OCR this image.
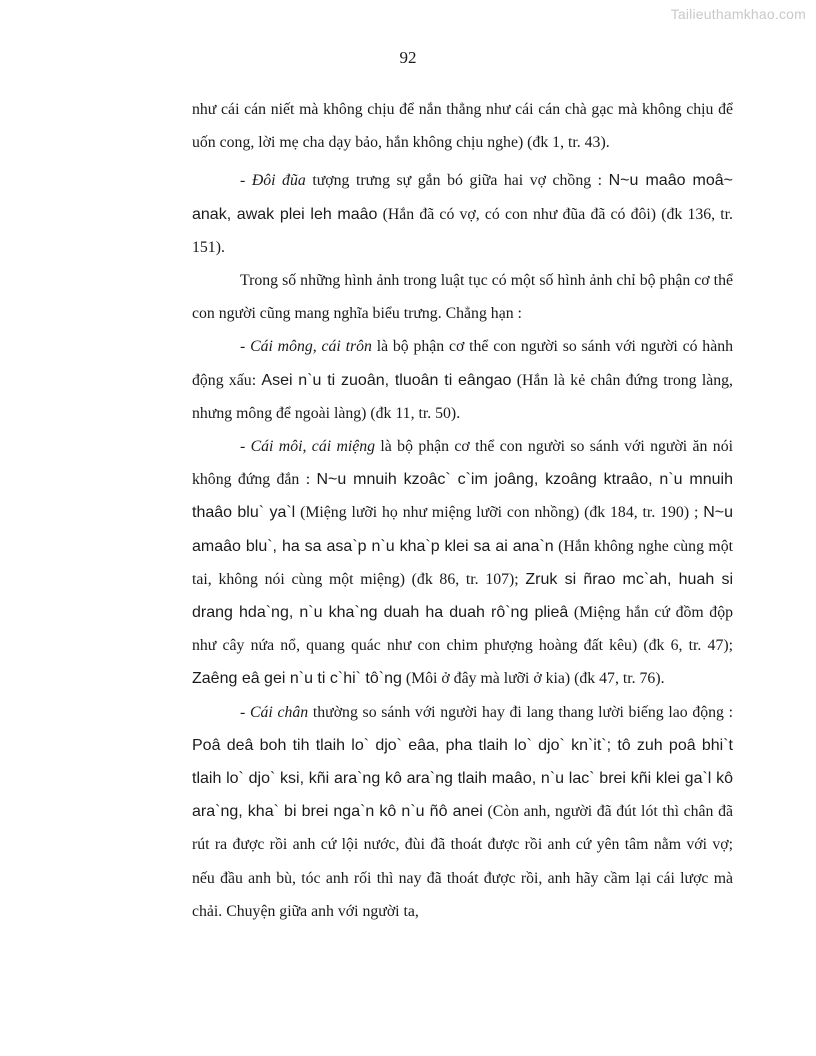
Tailieuthamkhao.com
92

như cái cán niết mà không chịu để nắn thẳng như cái cán chà gạc mà không chịu để uốn cong, lời mẹ cha dạy bảo, hắn không chịu nghe) (đk 1, tr. 43).

- Đôi đũa tượng trưng sự gắn bó giữa hai vợ chồng : N~u maâo moâ~ anak, awak plei leh maâo (Hắn đã có vợ, có con như đũa đã có đôi) (đk 136, tr. 151).

Trong số những hình ảnh trong luật tục có một số hình ảnh chỉ bộ phận cơ thể con người cũng mang nghĩa biểu trưng. Chẳng hạn :

- Cái mông, cái trôn là bộ phận cơ thể con người so sánh với người có hành động xấu: Asei n`u ti zuoân, tluoân ti eângao (Hắn là kẻ chân đứng trong làng, nhưng mông để ngoài làng) (đk 11, tr. 50).

- Cái môi, cái miệng là bộ phận cơ thể con người so sánh với người ăn nói không đứng đắn : N~u mnuih kzoâc` c`im joâng, kzoâng ktraâo, n`u mnuih thaâo blu` ya`l (Miệng lưỡi họ như miệng lưỡi con nhồng) (đk 184, tr. 190) ; N~u amaâo blu`, ha sa asa`p n`u kha`p klei sa ai ana`n (Hắn không nghe cùng một tai, không nói cùng một miệng) (đk 86, tr. 107); Zruk si ñrao mc`ah, huah si drang hda`ng, n`u kha`ng duah ha duah rô`ng plieâ (Miệng hắn cứ đồm độp như cây nứa nổ, quang quác như con chim phượng hoàng đất kêu) (đk 6, tr. 47); Zaêng eâ gei n`u ti c`hi` tô`ng (Môi ở đây mà lưỡi ở kia) (đk 47, tr. 76).

- Cái chân thường so sánh với người hay đi lang thang lười biếng lao động : Poâ deâ boh tih tlaih lo` djo` eâa, pha tlaih lo` djo` kn`it`; tô zuh poâ bhi`t tlaih lo` djo` ksi, kñi ara`ng kô ara`ng tlaih maâo, n`u lac` brei kñi klei ga`l kô ara`ng, kha` bi brei nga`n kô n`u ñô anei (Còn anh, người đã đút lót thì chân đã rút ra được rồi anh cứ lội nước, đùi đã thoát được rồi anh cứ yên tâm nằm với vợ; nếu đầu anh bù, tóc anh rối thì nay đã thoát được rồi, anh hãy cầm lại cái lược mà chải. Chuyện giữa anh với người ta,
